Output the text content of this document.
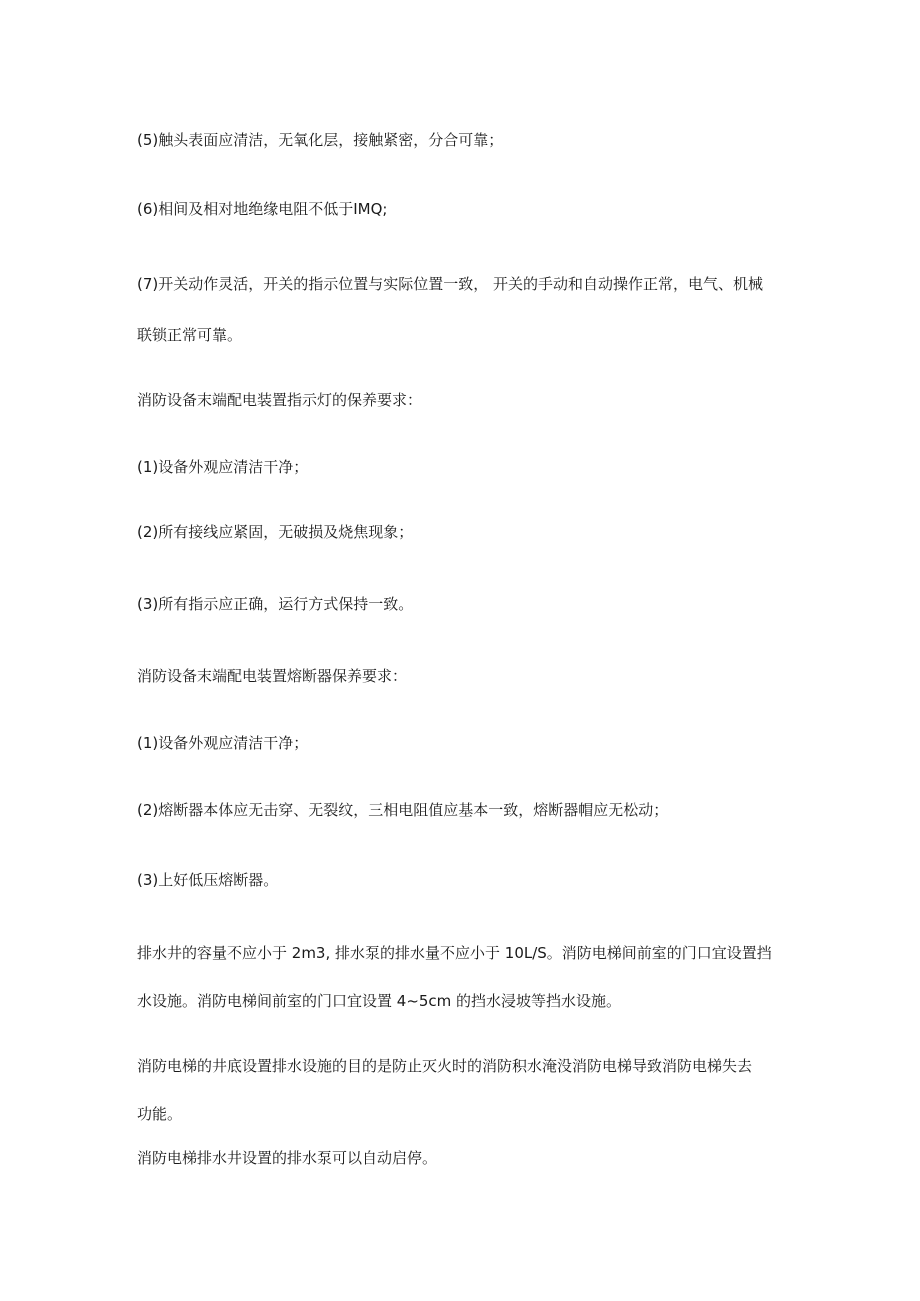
(5)触头表面应清洁，无氧化层，接触紧密，分合可靠；
(6)相间及相对地绝缘电阻不低于IMQ;
(7)开关动作灵活，开关的指示位置与实际位置一致， 开关的手动和自动操作正常，电气、机械
联锁正常可靠。
消防设备末端配电装置指示灯的保养要求：
(1)设备外观应清洁干净；
(2)所有接线应紧固，无破损及烧焦现象；
(3)所有指示应正确，运行方式保持一致。
消防设备末端配电装置熔断器保养要求：
(1)设备外观应清洁干净；
(2)熔断器本体应无击穿、无裂纹，三相电阻值应基本一致，熔断器帽应无松动；
(3)上好低压熔断器。
排水井的容量不应小于 2m3, 排水泵的排水量不应小于 10L/S。消防电梯间前室的门口宜设置挡
水设施。消防电梯间前室的门口宜设置 4~5cm 的挡水浸坡等挡水设施。
消防电梯的井底设置排水设施的目的是防止灭火时的消防积水淹没消防电梯导致消防电梯失去
功能。
消防电梯排水井设置的排水泵可以自动启停。
